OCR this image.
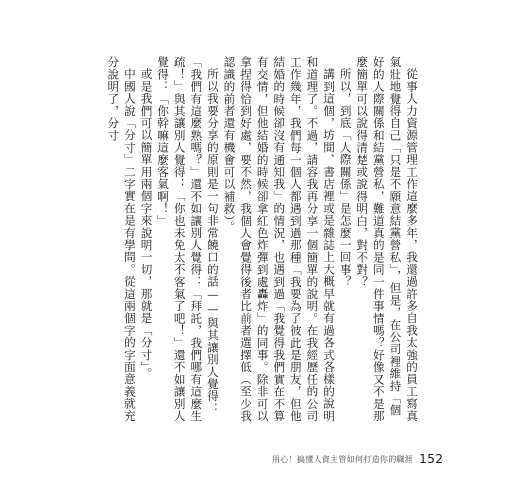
從事人力資源管理工作這麼多年，我還過許多自我太強的員工寫真氣壯地覺得自己「只是不願意結黨營私」，但是，在公司裡維持「個好的人際關係和結黨營私，難道真的是同一件事情嗎？好像又不是那麼簡單可以說得清楚或說得明白，對不對？

所以，到底「人際關係」是怎麼一回事？

講到這個，坊間、書店裡或是雜誌上大概早就有過各式各樣的說明和道理了。不過，請容我再分享一個簡單的說明。在我經歷任的公司工作幾年，我們每一個人都遇到過那種「我要為了彼此是朋友，但他結婚的時候卻沒有通知我」的情況，也遇到過「我覺得我們實在不算有交情，但他結婚的時候卻拿紅色炸彈到處轟炸」的同事。除非可以拿捏得恰到好處，要不然，我個人會覺得後者比前者選擇低（至少我認識的前者還有機會可以補救）。

所以我要分享的原則是一句非常饒口的話——與其讓別人覺得：「我們有這麼熟嗎？」還不如讓別人覺得：「拜託，我們哪有這麼生疏！」與其讓別人覺得：「你也未免太不客氣了吧！」還不如讓別人覺得：「你幹嘛這麼客氣啊！」

或是我們可以簡單用兩個字來說明一切，那就是「分寸」。

中國人說「分寸」二字實在是有學問。從這兩個字的字面意義就充分說明了，分寸

用心！搞懂人資主管如何打造你的職涯 152
